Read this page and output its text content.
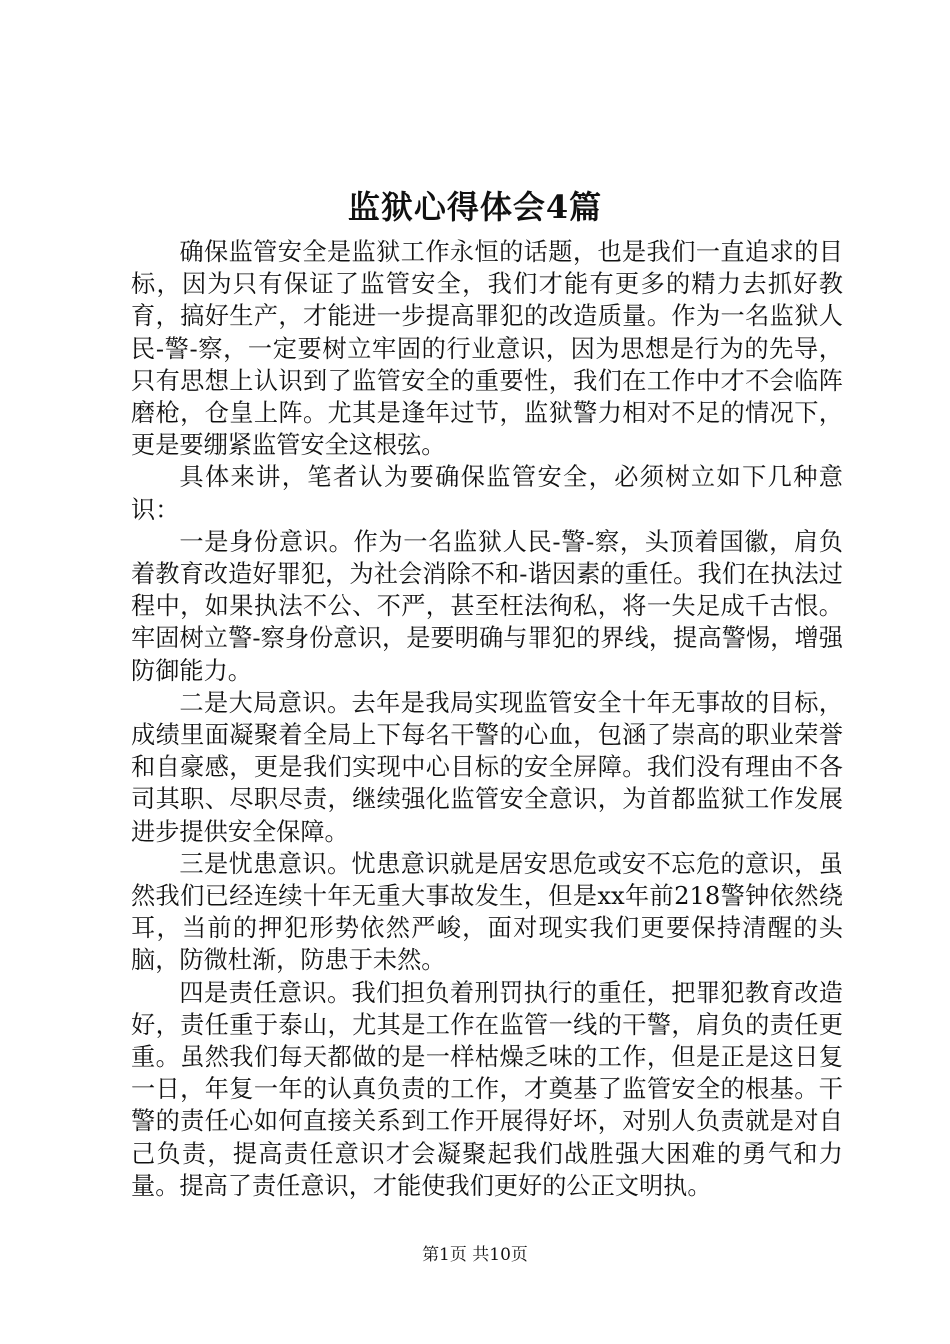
监狱心得体会4篇

确保监管安全是监狱工作永恒的话题，也是我们一直追求的目标，因为只有保证了监管安全，我们才能有更多的精力去抓好教育，搞好生产，才能进一步提高罪犯的改造质量。作为一名监狱人民-警-察，一定要树立牢固的行业意识，因为思想是行为的先导，只有思想上认识到了监管安全的重要性，我们在工作中才不会临阵磨枪，仓皇上阵。尤其是逢年过节，监狱警力相对不足的情况下，更是要绷紧监管安全这根弦。

具体来讲，笔者认为要确保监管安全，必须树立如下几种意识：

一是身份意识。作为一名监狱人民-警-察，头顶着国徽，肩负着教育改造好罪犯，为社会消除不和-谐因素的重任。我们在执法过程中，如果执法不公、不严，甚至枉法徇私，将一失足成千古恨。牢固树立警-察身份意识，是要明确与罪犯的界线，提高警惕，增强防御能力。

二是大局意识。去年是我局实现监管安全十年无事故的目标，成绩里面凝聚着全局上下每名干警的心血，包涵了崇高的职业荣誉和自豪感，更是我们实现中心目标的安全屏障。我们没有理由不各司其职、尽职尽责，继续强化监管安全意识，为首都监狱工作发展进步提供安全保障。

三是忧患意识。忧患意识就是居安思危或安不忘危的意识，虽然我们已经连续十年无重大事故发生，但是xx年前218警钟依然绕耳，当前的押犯形势依然严峻，面对现实我们更要保持清醒的头脑，防微杜渐，防患于未然。

四是责任意识。我们担负着刑罚执行的重任，把罪犯教育改造好，责任重于泰山，尤其是工作在监管一线的干警，肩负的责任更重。虽然我们每天都做的是一样枯燥乏味的工作，但是正是这日复一日，年复一年的认真负责的工作，才奠基了监管安全的根基。干警的责任心如何直接关系到工作开展得好坏，对别人负责就是对自己负责，提高责任意识才会凝聚起我们战胜强大困难的勇气和力量。提高了责任意识，才能使我们更好的公正文明执。

第1页 共10页
